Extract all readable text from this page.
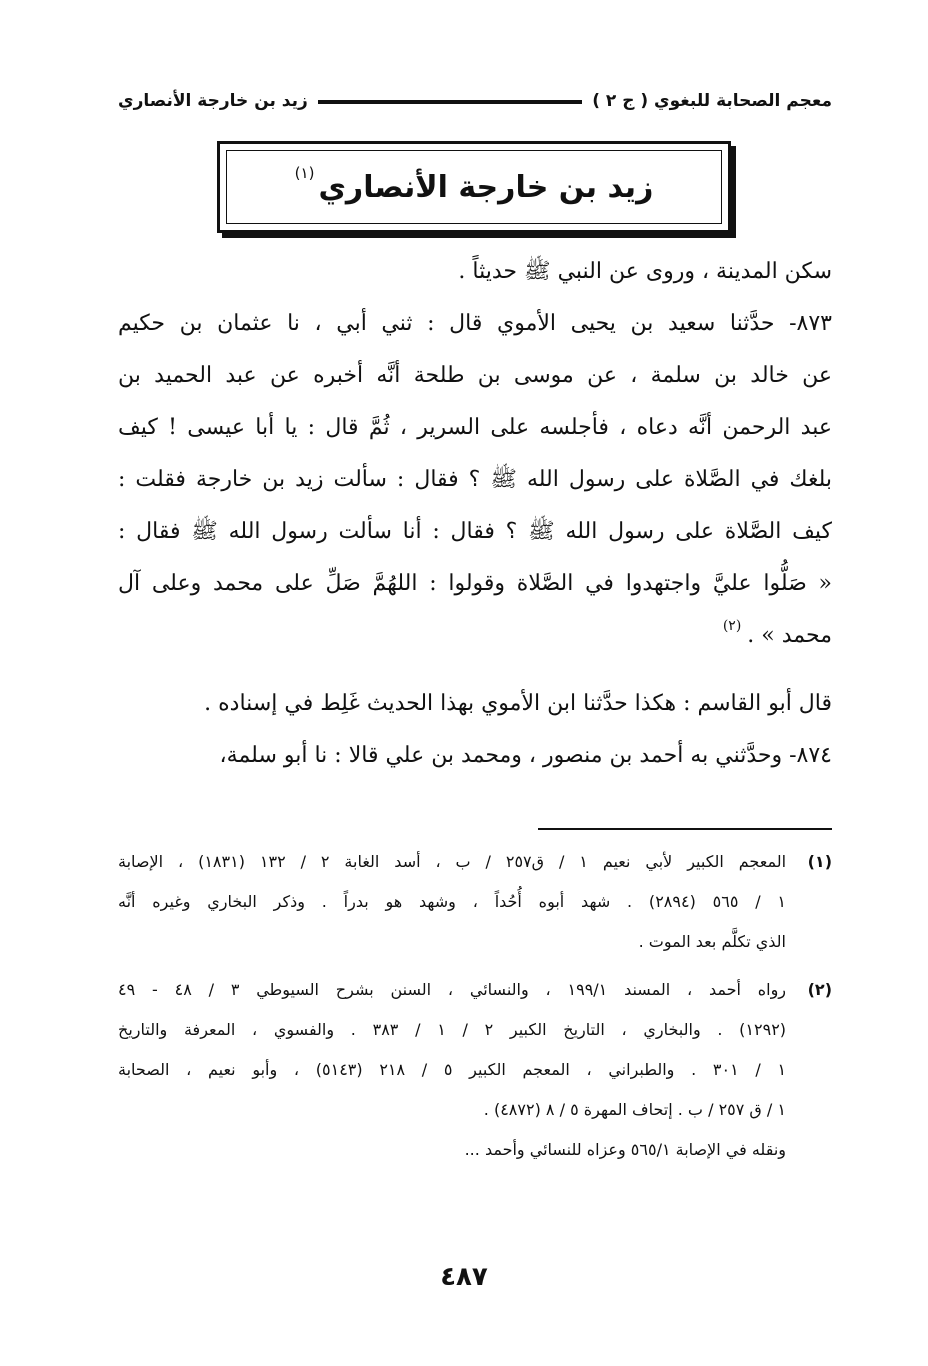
معجم الصحابة للبغوي ( ج ٢ )
زيد بن خارجة الأنصاري
زيد بن خارجة الأنصاري
(١)
سكن المدينة ، وروى عن النبي ﷺ حديثاً .
٨٧٣- حدَّثنا سعيد بن يحيى الأموي قال : ثني أبي ، نا عثمان بن حكيم
عن خالد بن سلمة ، عن موسى بن طلحة أنَّه أخبره عن عبد الحميد بن
عبد الرحمن أنَّه دعاه ، فأجلسه على السرير ، ثُمَّ قال : يا أبا عيسى ! كيف
بلغك في الصَّلاة على رسول الله ﷺ ؟ فقال : سألت زيد بن خارجة فقلت :
كيف الصَّلاة على رسول الله ﷺ ؟ فقال : أنا سألت رسول الله ﷺ فقال :
« صَلُّوا عليَّ واجتهدوا في الصَّلاة وقولوا : اللهُمَّ صَلِّ على محمد وعلى آل
محمد » .$^{(٢)}$
قال أبو القاسم : هكذا حدَّثنا ابن الأموي بهذا الحديث غَلِط في إسناده .
٨٧٤- وحدَّثني به أحمد بن منصور ، ومحمد بن علي قالا : نا أبو سلمة،
(١)
المعجم الكبير لأبي نعيم ١ / ق٢٥٧ / ب ، أسد الغابة ٢ / ١٣٢ (١٨٣١) ، الإصابة
١ / ٥٦٥ (٢٨٩٤) . شهد أبوه أُحُداً ، وشهد هو بدراً . وذكر البخاري وغيره أنَّه
الذي تكلَّم بعد الموت .
(٢)
رواه أحمد ، المسند ١٩٩/١ ، والنسائي ، السنن بشرح السيوطي ٣ / ٤٨ - ٤٩
(١٢٩٢) . والبخاري ، التاريخ الكبير ٢ / ١ / ٣٨٣ . والفسوي ، المعرفة والتاريخ
١ / ٣٠١ . والطبراني ، المعجم الكبير ٥ / ٢١٨ (٥١٤٣) ، وأبو نعيم ، الصحابة
١ / ق ٢٥٧ / ب . إتحاف المهرة ٥ / ٨ (٤٨٧٢) .
ونقله في الإصابة ٥٦٥/١ وعزاه للنسائي وأحمد ...
٤٨٧
